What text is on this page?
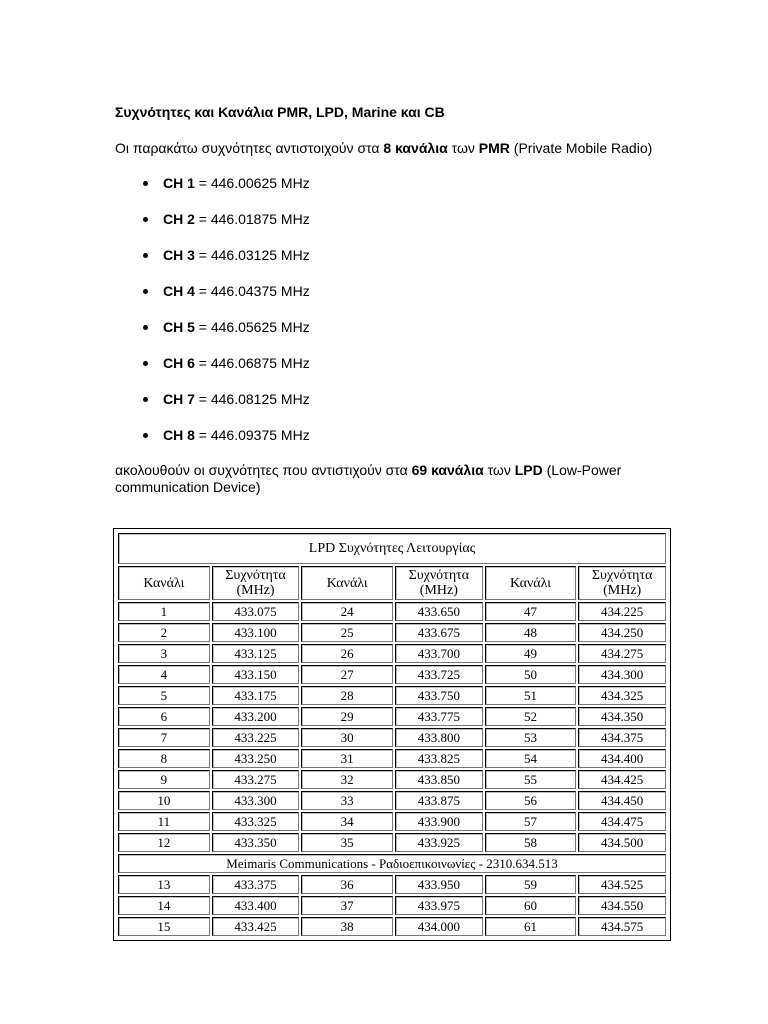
Συχνότητες και Κανάλια PMR, LPD, Marine και CB

Οι παρακάτω συχνότητες αντιστοιχούν στα 8 κανάλια των PMR (Private Mobile Radio)

CH 1 = 446.00625 MHz
CH 2 = 446.01875 MHz
CH 3 = 446.03125 MHz
CH 4 = 446.04375 MHz
CH 5 = 446.05625 MHz
CH 6 = 446.06875 MHz
CH 7 = 446.08125 MHz
CH 8 = 446.09375 MHz

ακολουθούν οι συχνότητες που αντιστιχούν στα 69 κανάλια των LPD (Low-Power communication Device)

LPD Συχνότητες Λειτουργίας					
Κανάλι	Συχνότητα (MHz)	Κανάλι	Συχνότητα (MHz)	Κανάλι	Συχνότητα (MHz)
1	433.075	24	433.650	47	434.225
2	433.100	25	433.675	48	434.250
3	433.125	26	433.700	49	434.275
4	433.150	27	433.725	50	434.300
5	433.175	28	433.750	51	434.325
6	433.200	29	433.775	52	434.350
7	433.225	30	433.800	53	434.375
8	433.250	31	433.825	54	434.400
9	433.275	32	433.850	55	434.425
10	433.300	33	433.875	56	434.450
11	433.325	34	433.900	57	434.475
12	433.350	35	433.925	58	434.500
Meimaris Communications - Ραδιοεπικοινωνίες - 2310.634.513					
13	433.375	36	433.950	59	434.525
14	433.400	37	433.975	60	434.550
15	433.425	38	434.000	61	434.575
